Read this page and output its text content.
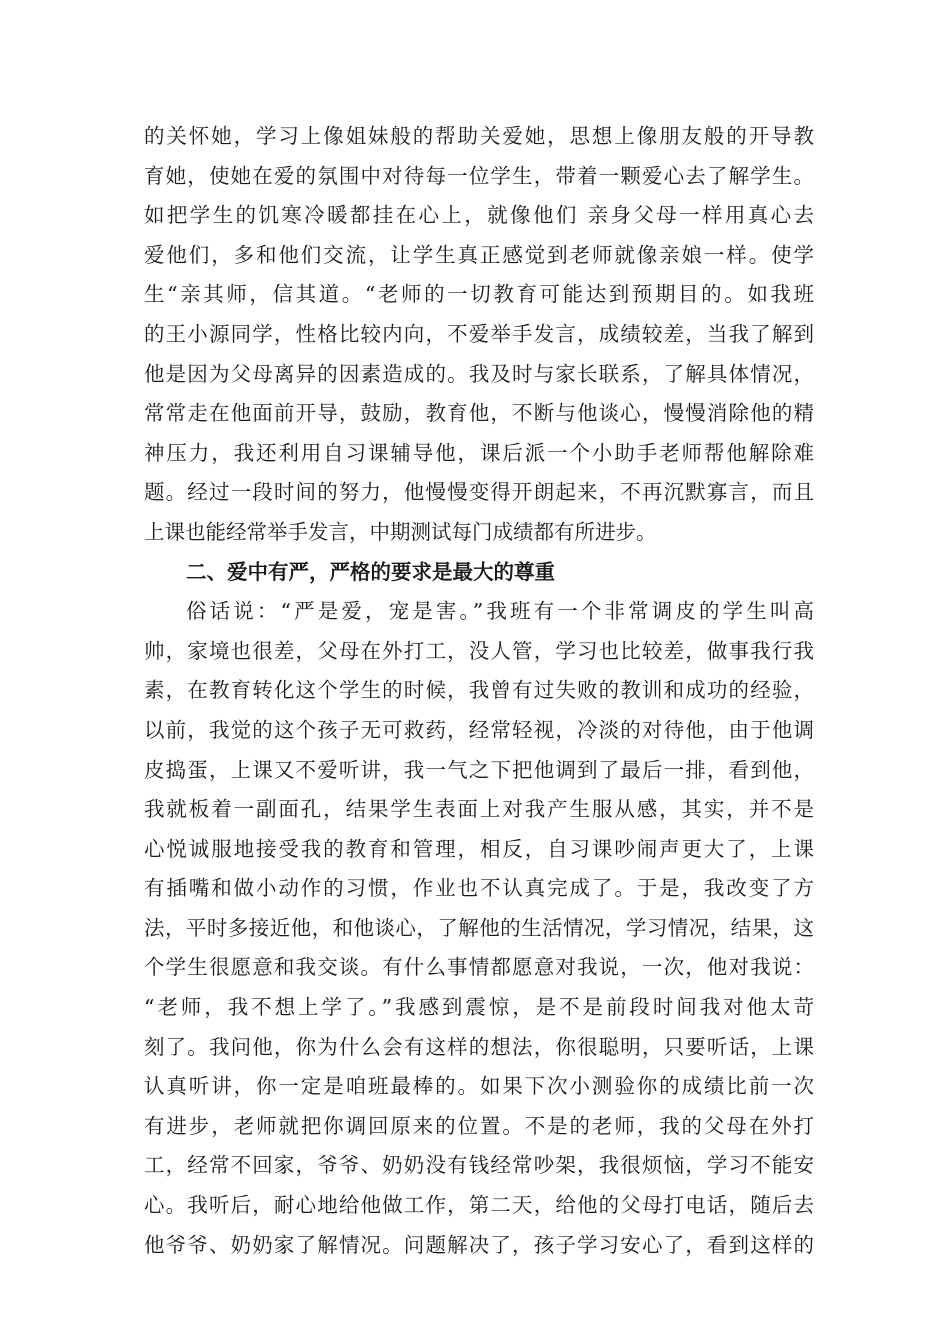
的关怀她，学习上像姐妹般的帮助关爱她，思想上像朋友般的开导教
育她，使她在爱的氛围中对待每一位学生，带着一颗爱心去了解学生。
如把学生的饥寒冷暖都挂在心上，就像他们 亲身父母一样用真心去
爱他们，多和他们交流，让学生真正感觉到老师就像亲娘一样。使学
生“亲其师，信其道。“老师的一切教育可能达到预期目的。如我班
的王小源同学，性格比较内向，不爱举手发言，成绩较差，当我了解到
他是因为父母离异的因素造成的。我及时与家长联系，了解具体情况，
常常走在他面前开导，鼓励，教育他，不断与他谈心，慢慢消除他的精
神压力，我还利用自习课辅导他，课后派一个小助手老师帮他解除难
题。经过一段时间的努力，他慢慢变得开朗起来，不再沉默寡言，而且
上课也能经常举手发言，中期测试每门成绩都有所进步。
二、爱中有严，严格的要求是最大的尊重
俗话说：“严是爱，宠是害。”我班有一个非常调皮的学生叫高
帅，家境也很差，父母在外打工，没人管，学习也比较差，做事我行我
素，在教育转化这个学生的时候，我曾有过失败的教训和成功的经验，
以前，我觉的这个孩子无可救药，经常轻视，冷淡的对待他，由于他调
皮捣蛋，上课又不爱听讲，我一气之下把他调到了最后一排，看到他，
我就板着一副面孔，结果学生表面上对我产生服从感，其实，并不是
心悦诚服地接受我的教育和管理，相反，自习课吵闹声更大了，上课
有插嘴和做小动作的习惯，作业也不认真完成了。于是，我改变了方
法，平时多接近他，和他谈心，了解他的生活情况，学习情况，结果，这
个学生很愿意和我交谈。有什么事情都愿意对我说，一次，他对我说：
“老师，我不想上学了。”我感到震惊，是不是前段时间我对他太苛
刻了。我问他，你为什么会有这样的想法，你很聪明，只要听话，上课
认真听讲，你一定是咱班最棒的。如果下次小测验你的成绩比前一次
有进步，老师就把你调回原来的位置。不是的老师，我的父母在外打
工，经常不回家，爷爷、奶奶没有钱经常吵架，我很烦恼，学习不能安
心。我听后，耐心地给他做工作，第二天，给他的父母打电话，随后去
他爷爷、奶奶家了解情况。问题解决了，孩子学习安心了，看到这样的
